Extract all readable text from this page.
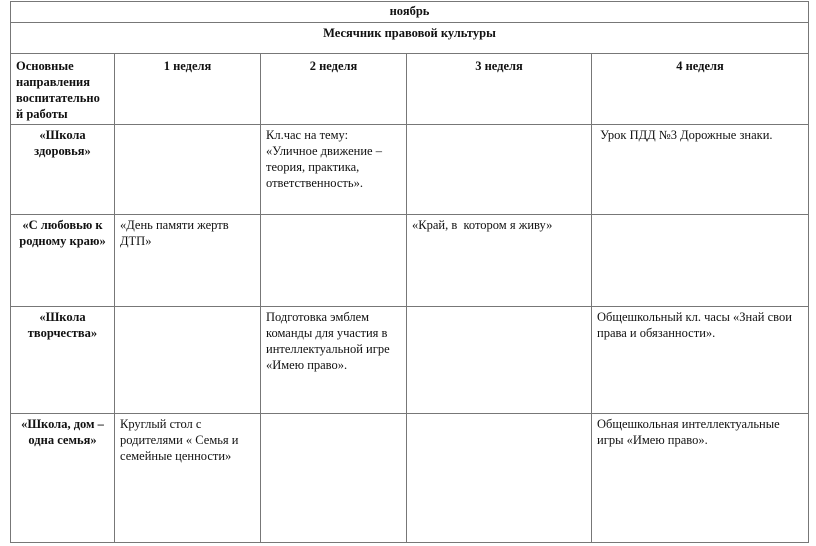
ноябрь				
Месячник правовой культуры				
Основные направления воспитательно й работы	1 неделя	2 неделя	3 неделя	4 неделя
«Школа здоровья»		Кл.час на тему: «Уличное движение – теория, практика, ответственность».		Урок ПДД №3 Дорожные знаки.
«С любовью к родному краю»	«День памяти жертв ДТП»		«Край, в  котором я живу»	
«Школа творчества»		Подготовка эмблем команды для участия в интеллектуальной игре «Имею право».		Общешкольный кл. часы «Знай свои права и обязанности».
«Школа, дом – одна семья»	Круглый стол с родителями « Семья и семейные ценности»			Общешкольная интеллектуальные игры «Имею право».
